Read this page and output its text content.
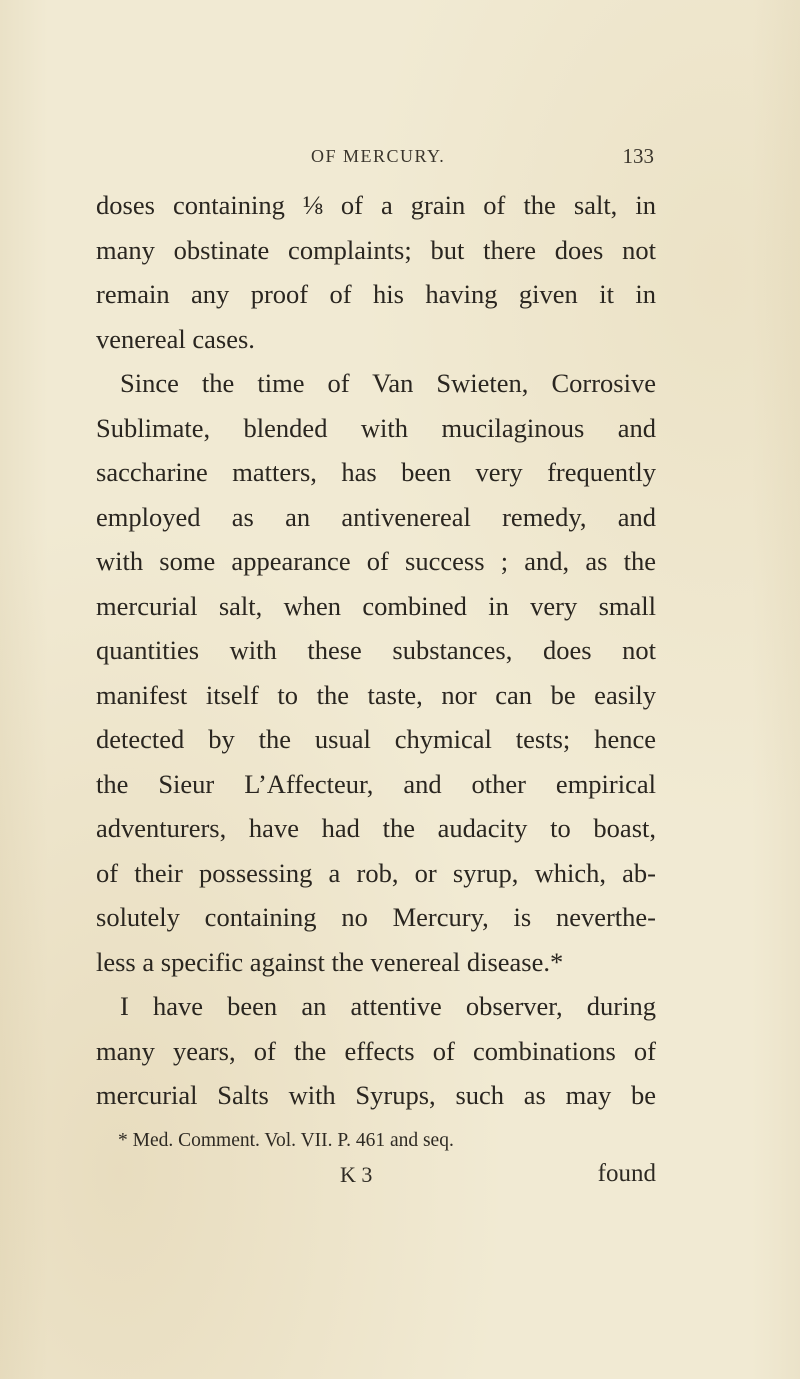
OF MERCURY.	133
doses containing ⅛ of a grain of the salt, in
many obstinate complaints; but there does not
remain any proof of his having given it in
venereal cases.
Since the time of Van Swieten, Corrosive
Sublimate, blended with mucilaginous and
saccharine matters, has been very frequently
employed as an antivenereal remedy, and
with some appearance of success ; and, as the
mercurial salt, when combined in very small
quantities with these substances, does not
manifest itself to the taste, nor can be easily
detected by the usual chymical tests; hence
the Sieur L’Affecteur, and other empirical
adventurers, have had the audacity to boast,
of their possessing a rob, or syrup, which, ab-
solutely containing no Mercury, is neverthe-
less a specific against the venereal disease.*
I have been an attentive observer, during
many years, of the effects of combinations of
mercurial Salts with Syrups, such as may be
* Med. Comment. Vol. VII. P. 461 and seq.
K 3	found
